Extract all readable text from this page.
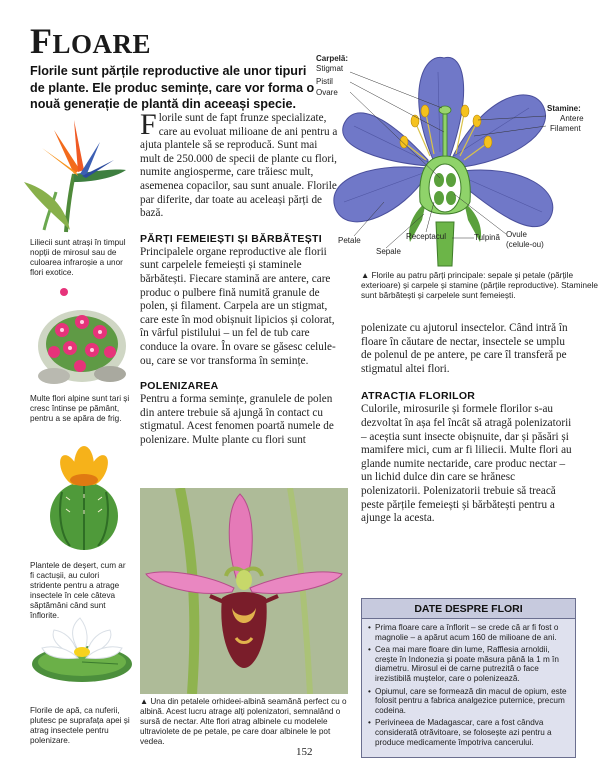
FLOARE
Florile sunt părțile reproductive ale unor tipuri de plante. Ele produc semințe, care vor forma o nouă generație de plantă din aceeași specie.
Liliecii sunt atrași în timpul nopții de mirosul sau de culoarea infraroșie a unor flori exotice.
Multe flori alpine sunt tari și cresc întinse pe pământ, pentru a se apăra de frig.
Plantele de deșert, cum ar fi cactușii, au culori stridente pentru a atrage insectele în cele câteva săptămâni când sunt înflorite.
Florile de apă, ca nuferii, plutesc pe suprafața apei și atrag insectele pentru polenizare.

Florile sunt de fapt frunze specializate, care au evoluat milioane de ani pentru a ajuta plantele să se reproducă. Sunt mai mult de 250.000 de specii de plante cu flori, numite angiosperme, care trăiesc mult, asemenea copacilor, sau sunt anuale. Florile par diferite, dar toate au aceleași părți de bază.

PĂRȚI FEMEIEȘTI ȘI BĂRBĂTEȘTI

Principalele organe reproductive ale florii sunt carpelele femeiești și staminele bărbătești. Fiecare stamină are antere, care produc o pulbere fină numită granule de polen, și filament. Carpela are un stigmat, care este în mod obișnuit lipicios și colorat, în vârful pistilului – un fel de tub care conduce la ovare. În ovare se găsesc celule-ou, care se vor transforma în semințe.

POLENIZAREA

Pentru a forma semințe, granulele de polen din antere trebuie să ajungă în contact cu stigmatul. Acest fenomen poartă numele de polenizare. Multe plante cu flori sunt

Carpelă:
Stigmat
Pistil
Ovare
Stamine:
Antere
Filament
Petale
Sepale
Receptacul	Tulpină Ovule
(celule-ou)
▲ Florile au patru părți principale: sepale și petale (părțile exterioare) și carpele și stamine (părțile reproductive). Staminele sunt bărbătești și carpelele sunt femeiești.

polenizate cu ajutorul insectelor. Când intră în floare în căutare de nectar, insectele se umplu de polenul de pe antere, pe care îl transferă pe stigmatul altei flori.

ATRACȚIA FLORILOR

Culorile, mirosurile și formele florilor s-au dezvoltat în așa fel încât să atragă polenizatorii – aceștia sunt insecte obișnuite, dar și păsări și mamifere mici, cum ar fi liliecii. Multe flori au glande numite nectaride, care produc nectar – un lichid dulce din care se hrănesc polenizatorii. Polenizatorii trebuie să treacă peste părțile femeiești și bărbătești pentru a ajunge la acesta.

▲ Una din petalele orhideei-albină seamănă perfect cu o albină. Acest lucru atrage alți polenizatori, semnalând o sursă de nectar. Alte flori atrag albinele cu modelele ultraviolete de pe petale, pe care doar albinele le pot vedea.
DATE DESPRE FLORI
• Prima floare care a înflorit – se crede că ar fi fost o magnolie – a apărut acum 160 de milioane de ani.
• Cea mai mare floare din lume, Rafflesia arnoldii, crește în Indonezia și poate măsura până la 1 m în diametru. Mirosul ei de carne putrezită o face irezistibilă muștelor, care o polenizează.
• Opiumul, care se formează din macul de opium, este folosit pentru a fabrica analgezice puternice, precum codeina.
• Perivineea de Madagascar, care a fost cândva considerată otrăvitoare, se folosește azi pentru a produce medicamente împotriva cancerului.
152
